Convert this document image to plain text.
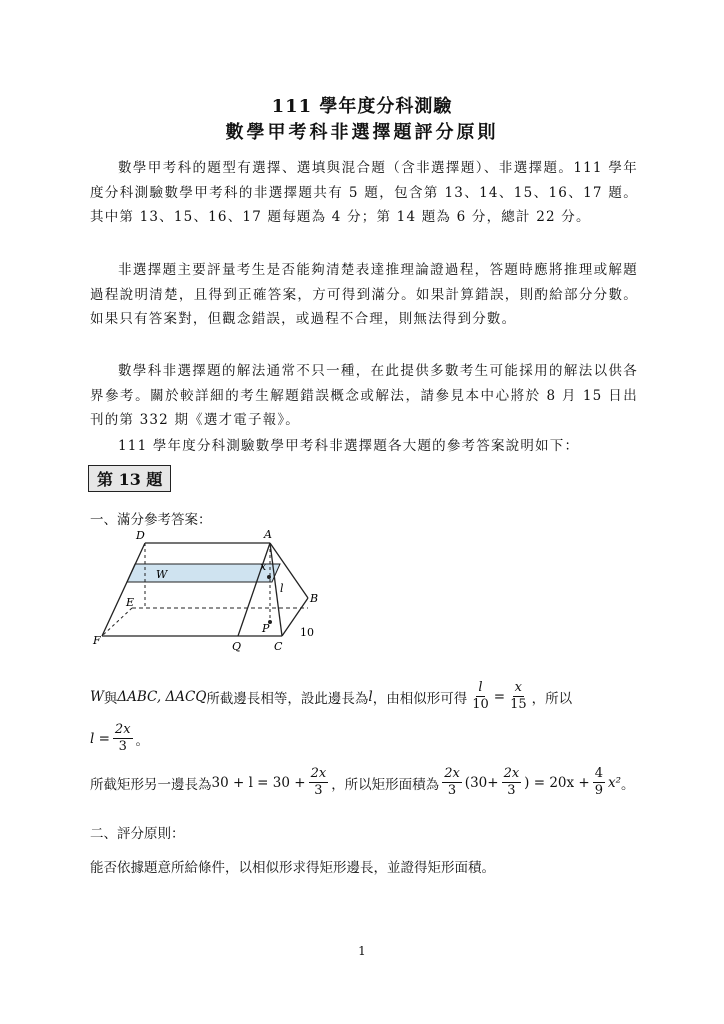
111 學年度分科測驗
數學甲考科非選擇題評分原則

數學甲考科的題型有選擇、選填與混合題（含非選擇題）、非選擇題。111 學年度分科測驗數學甲考科的非選擇題共有 5 題，包含第 13、14、15、16、17 題。其中第 13、15、16、17 題每題為 4 分；第 14 題為 6 分，總計 22 分。

非選擇題主要評量考生是否能夠清楚表達推理論證過程，答題時應將推理或解題過程說明清楚，且得到正確答案，方可得到滿分。如果計算錯誤，則酌給部分分數。如果只有答案對，但觀念錯誤，或過程不合理，則無法得到分數。

數學科非選擇題的解法通常不只一種，在此提供多數考生可能採用的解法以供各界參考。關於較詳細的考生解題錯誤概念或解法，請參見本中心將於 8 月 15 日出刊的第 332 期《選才電子報》。

111 學年度分科測驗數學甲考科非選擇題各大題的參考答案說明如下：

第 13 題
一、滿分參考答案：
D	A
W
x
l
E	B
P	10
F	Q	C
W 與 ΔABC, ΔACQ 所截邊長相等，設此邊長為 l ，由相似形可得 $\frac{l}{10} = \frac{x}{15}$ ，所以
$l = \frac{2x}{3}$ 。
所截矩形另一邊長為 $30 + l = 30 + \frac{2x}{3}$ ，所以矩形面積為 $\frac{2x}{3} (30+ \frac{2x}{3}$ ) = $20x + \frac{4}{9} x^2$ 。
二、評分原則：
能否依據題意所給條件，以相似形求得矩形邊長，並證得矩形面積。
1
